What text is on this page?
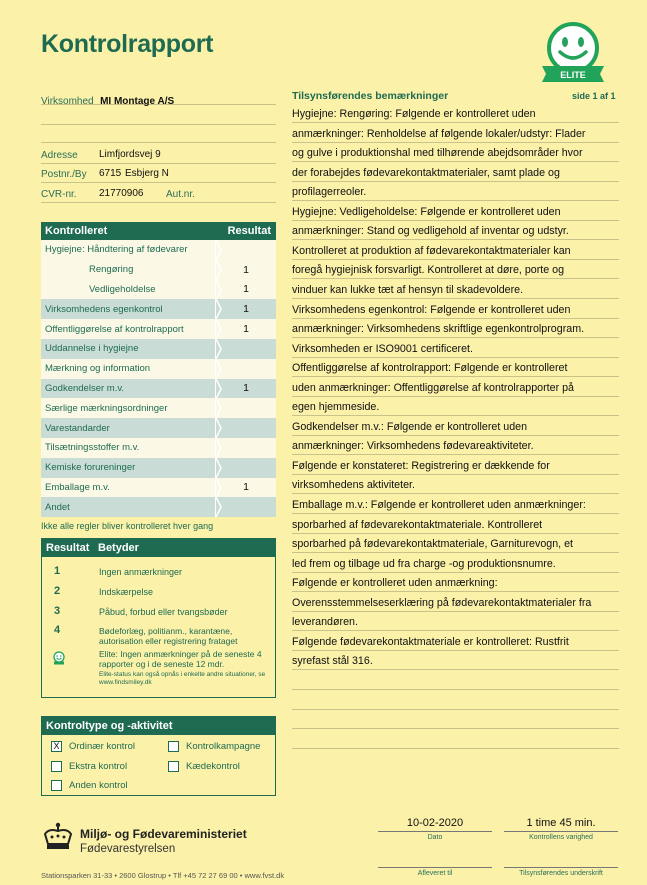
Kontrolrapport
ELITE
Virksomhed MI Montage A/S
Adresse Limfjordsvej 9
Postnr./By 6715 Esbjerg N
CVR-nr. 21770906 Aut.nr.
Kontrolleret	Resultat
Hygiejne: Håndtering af fødevarer
Rengøring	1
Vedligeholdelse	1
Virksomhedens egenkontrol	1
Offentliggørelse af kontrolrapport	1
Uddannelse i hygiejne
Mærkning og information
Godkendelser m.v.	1
Særlige mærkningsordninger
Varestandarder
Tilsætningsstoffer m.v.
Kemiske forureninger
Emballage m.v.	1
Andet
Ikke alle regler bliver kontrolleret hver gang
Resultat Betyder
1	Ingen anmærkninger
2	Indskærpelse
3	Påbud, forbud eller tvangsbøder
4	Bødeforlæg, politianm., karantæne, autorisation eller registrering frataget
Elite: Ingen anmærkninger på de seneste 4 rapporter og i de seneste 12 mdr.
Elite-status kan også opnås i enkelte andre situationer, se www.findsmiley.dk
Kontroltype og -aktivitet
X Ordinær kontrol	Kontrolkampagne
Ekstra kontrol	Kædekontrol
Anden kontrol
Tilsynsførendes bemærkninger	side 1 af 1
Hygiejne: Rengøring: Følgende er kontrolleret uden
anmærkninger: Renholdelse af følgende lokaler/udstyr: Flader
og gulve i produktionshal med tilhørende abejdsområder hvor
der forabejdes fødevarekontaktmaterialer, samt plade og
profilagerreoler.
Hygiejne: Vedligeholdelse: Følgende er kontrolleret uden
anmærkninger: Stand og vedligehold af inventar og udstyr.
Kontrolleret at produktion af fødevarekontaktmaterialer kan
foregå hygiejnisk forsvarligt. Kontrolleret at døre, porte og
vinduer kan lukke tæt af hensyn til skadevoldere.
Virksomhedens egenkontrol: Følgende er kontrolleret uden
anmærkninger: Virksomhedens skriftlige egenkontrolprogram.
Virksomheden er ISO9001 certificeret.
Offentliggørelse af kontrolrapport: Følgende er kontrolleret
uden anmærkninger: Offentliggørelse af kontrolrapporter på
egen hjemmeside.
Godkendelser m.v.: Følgende er kontrolleret uden
anmærkninger: Virksomhedens fødevareaktiviteter.
Følgende er konstateret: Registrering er dækkende for
virksomhedens aktiviteter.
Emballage m.v.: Følgende er kontrolleret uden anmærkninger:
sporbarhed af fødevarekontaktmateriale. Kontrolleret
sporbarhed på fødevarekontaktmateriale, Garniturevogn, et
led frem og tilbage ud fra charge -og produktionsnumre.
Følgende er kontrolleret uden anmærkning:
Overensstemmelseserklæring på fødevarekontaktmaterialer fra
leverandøren.
Følgende fødevarekontaktmateriale er kontrolleret: Rustfrit
syrefast stål 316.
10-02-2020
Dato
1 time 45 min.
Kontrollens varighed
Afleveret til	Tilsynsførendes underskrift
Miljø- og Fødevareministeriet
Fødevarestyrelsen
Stationsparken 31-33 • 2600 Glostrup • Tlf +45 72 27 69 00 • www.fvst.dk
